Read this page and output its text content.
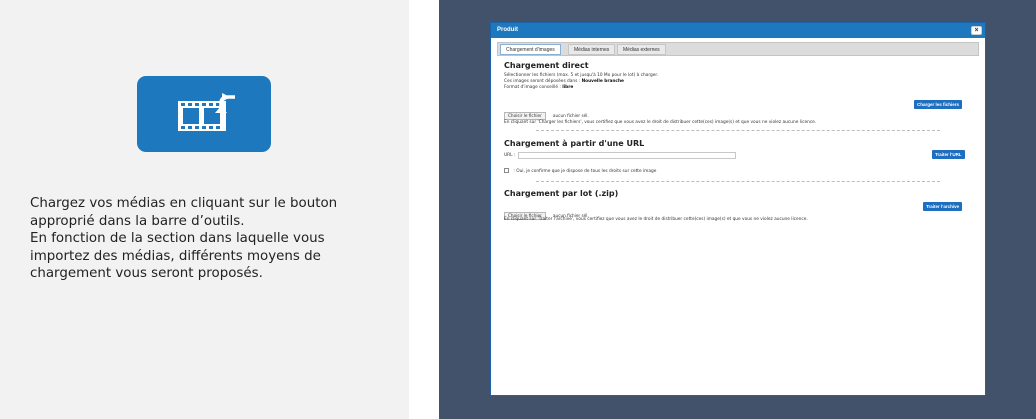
Chargez vos médias en cliquant sur le bouton
approprié dans la barre d’outils.
En fonction de la section dans laquelle vous
importez des médias, différents moyens de
chargement vous seront proposés.
Produit	×
Chargement d'images	Médias internes	Médias externes
Chargement direct
Sélectionner les fichiers (max. 5 et jusqu'à 10 Mo pour le lot) à charger.
Ces images seront déposées dans : Nouvelle branche
Format d'image conseillé : libre
Choisir le fichier	aucun fichier sél.
En cliquant sur 'Charger les fichiers', vous certifiez que vous avez le droit de distribuer cette(ces) image(s) et que vous ne violez aucune licence.
Chargement à partir d'une URL
URL :
: Oui, je confirme que je dispose de tous les droits sur cette image
Chargement par lot (.zip)
Choisir le fichier	aucun fichier sél.
En cliquant sur 'Traiter l'archive', vous certifiez que vous avez le droit de distribuer cette(ces) image(s) et que vous ne violez aucune licence.
Charger les fichiers
Traiter l'URL
Traiter l'archive
